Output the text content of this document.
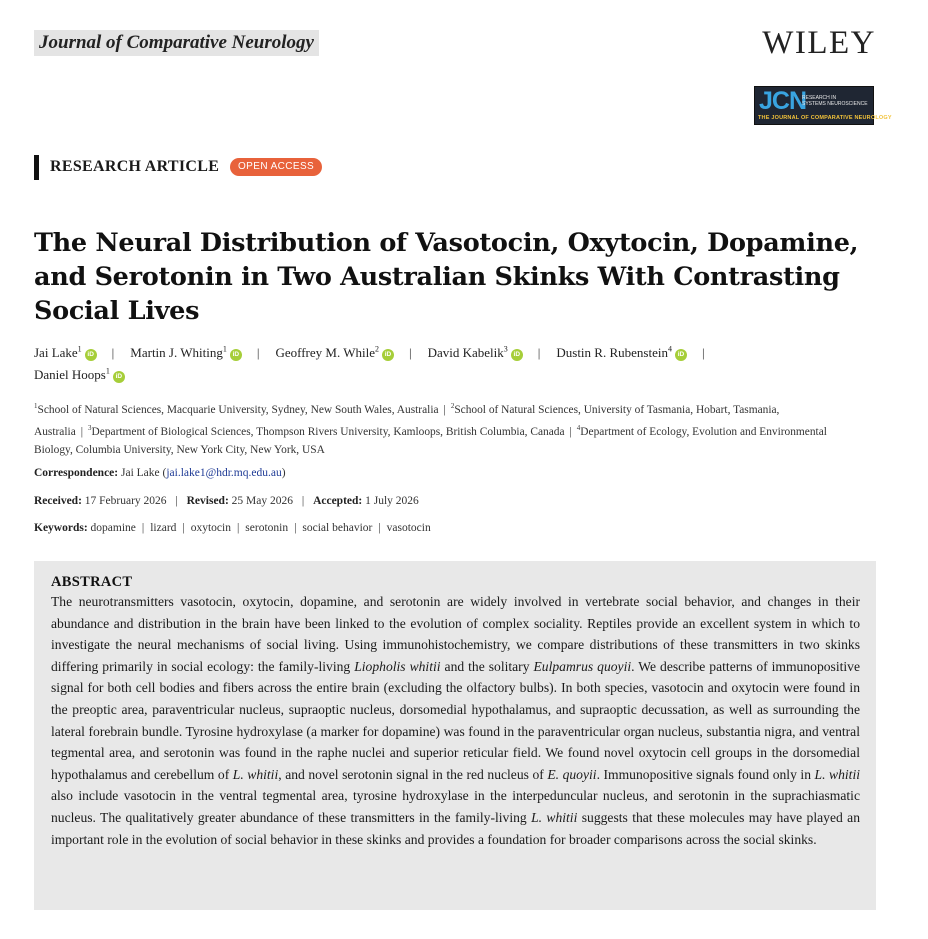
Journal of Comparative Neurology	WILEY
JCN
RESEARCH IN
SYSTEMS NEUROSCIENCE
THE JOURNAL OF COMPARATIVE NEUROLOGY
RESEARCH ARTICLE	OPEN ACCESS
The Neural Distribution of Vasotocin, Oxytocin, Dopamine, and Serotonin in Two Australian Skinks With Contrasting Social Lives
Jai Lake$^1$iD | Martin J. Whiting$^1$iD | Geoffrey M. While$^2$iD | David Kabelik$^3$iD | Dustin R. Rubenstein$^4$iD |
Daniel Hoops$^1$iD
$^1$School of Natural Sciences, Macquarie University, Sydney, New South Wales, Australia | $^2$School of Natural Sciences, University of Tasmania, Hobart, Tasmania, Australia | $^3$Department of Biological Sciences, Thompson Rivers University, Kamloops, British Columbia, Canada | $^4$Department of Ecology, Evolution and Environmental Biology, Columbia University, New York City, New York, USA
Correspondence: Jai Lake (jai.lake1@hdr.mq.edu.au)
Received: 17 February 2026 | Revised: 25 May 2026 | Accepted: 1 July 2026
Keywords: dopamine | lizard | oxytocin | serotonin | social behavior | vasotocin
ABSTRACT

The neurotransmitters vasotocin, oxytocin, dopamine, and serotonin are widely involved in vertebrate social behavior, and changes in their abundance and distribution in the brain have been linked to the evolution of complex sociality. Reptiles provide an excellent system in which to investigate the neural mechanisms of social living. Using immunohistochemistry, we compare distributions of these transmitters in two skinks differing primarily in social ecology: the family-living Liopholis whitii and the solitary Eulpamrus quoyii. We describe patterns of immunopositive signal for both cell bodies and fibers across the entire brain (excluding the olfactory bulbs). In both species, vasotocin and oxytocin were found in the preoptic area, paraventricular nucleus, supraoptic nucleus, dorsomedial hypothalamus, and supraoptic decussation, as well as surrounding the lateral forebrain bundle. Tyrosine hydroxylase (a marker for dopamine) was found in the paraventricular organ nucleus, substantia nigra, and ventral tegmental area, and serotonin was found in the raphe nuclei and superior reticular field. We found novel oxytocin cell groups in the dorsomedial hypothalamus and cerebellum of L. whitii, and novel serotonin signal in the red nucleus of E. quoyii. Immunopositive signals found only in L. whitii also include vasotocin in the ventral tegmental area, tyrosine hydroxylase in the interpeduncular nucleus, and serotonin in the suprachiasmatic nucleus. The qualitatively greater abundance of these transmitters in the family-living L. whitii suggests that these molecules may have played an important role in the evolution of social behavior in these skinks and provides a foundation for broader comparisons across the social skinks.
